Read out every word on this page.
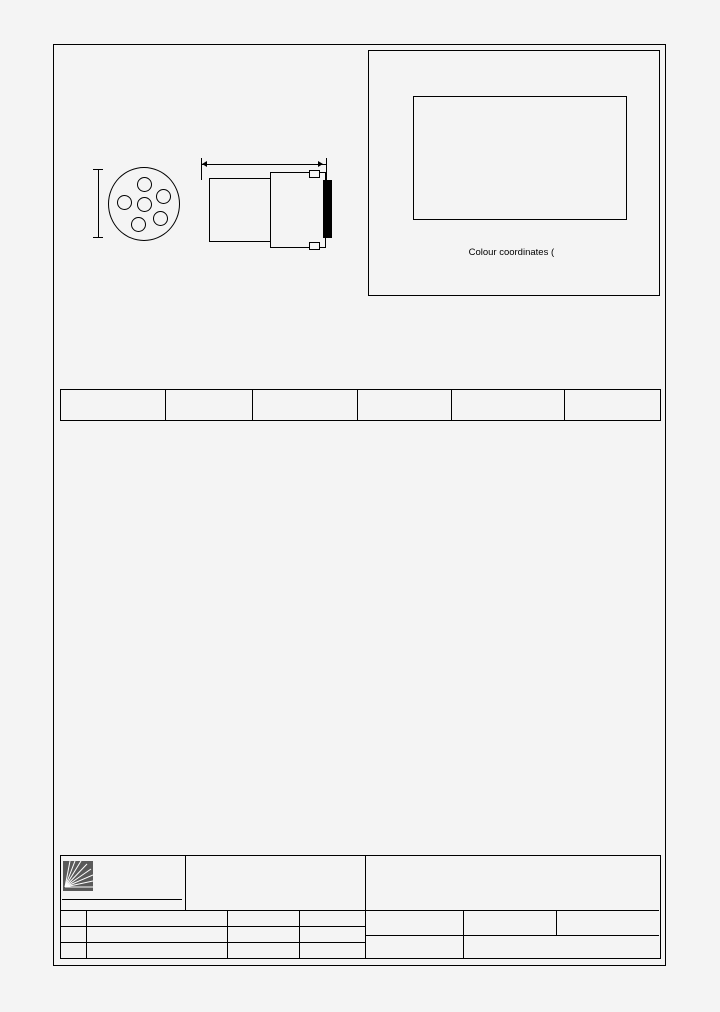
Colour coordinates (
